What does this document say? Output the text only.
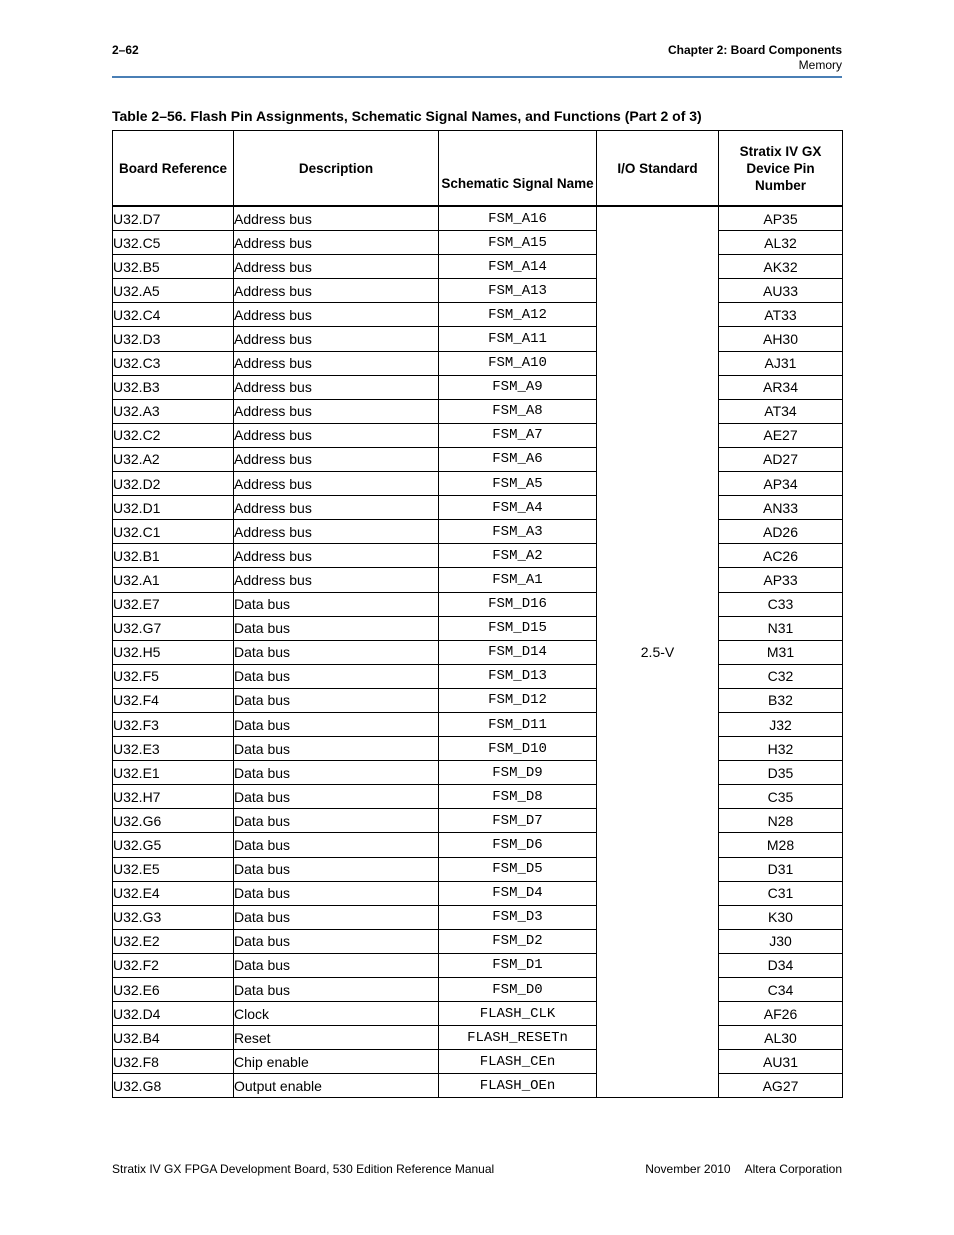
2–62	Chapter 2: Board Components
Memory
Table 2–56. Flash Pin Assignments, Schematic Signal Names, and Functions (Part 2 of 3)
Board Reference	Description	Schematic Signal Name	I/O Standard	Stratix IV GX Device Pin Number
U32.D7	Address bus	FSM_A16	2.5-V	AP35
U32.C5	Address bus	FSM_A15		AL32
U32.B5	Address bus	FSM_A14		AK32
U32.A5	Address bus	FSM_A13		AU33
U32.C4	Address bus	FSM_A12		AT33
U32.D3	Address bus	FSM_A11		AH30
U32.C3	Address bus	FSM_A10		AJ31
U32.B3	Address bus	FSM_A9		AR34
U32.A3	Address bus	FSM_A8		AT34
U32.C2	Address bus	FSM_A7		AE27
U32.A2	Address bus	FSM_A6		AD27
U32.D2	Address bus	FSM_A5		AP34
U32.D1	Address bus	FSM_A4		AN33
U32.C1	Address bus	FSM_A3		AD26
U32.B1	Address bus	FSM_A2		AC26
U32.A1	Address bus	FSM_A1		AP33
U32.E7	Data bus	FSM_D16		C33
U32.G7	Data bus	FSM_D15		N31
U32.H5	Data bus	FSM_D14		M31
U32.F5	Data bus	FSM_D13		C32
U32.F4	Data bus	FSM_D12		B32
U32.F3	Data bus	FSM_D11		J32
U32.E3	Data bus	FSM_D10		H32
U32.E1	Data bus	FSM_D9		D35
U32.H7	Data bus	FSM_D8		C35
U32.G6	Data bus	FSM_D7		N28
U32.G5	Data bus	FSM_D6		M28
U32.E5	Data bus	FSM_D5		D31
U32.E4	Data bus	FSM_D4		C31
U32.G3	Data bus	FSM_D3		K30
U32.E2	Data bus	FSM_D2		J30
U32.F2	Data bus	FSM_D1		D34
U32.E6	Data bus	FSM_D0		C34
U32.D4	Clock	FLASH_CLK		AF26
U32.B4	Reset	FLASH_RESETn		AL30
U32.F8	Chip enable	FLASH_CEn		AU31
U32.G8	Output enable	FLASH_OEn		AG27
Stratix IV GX FPGA Development Board, 530 Edition Reference Manual	November 2010 Altera Corporation
